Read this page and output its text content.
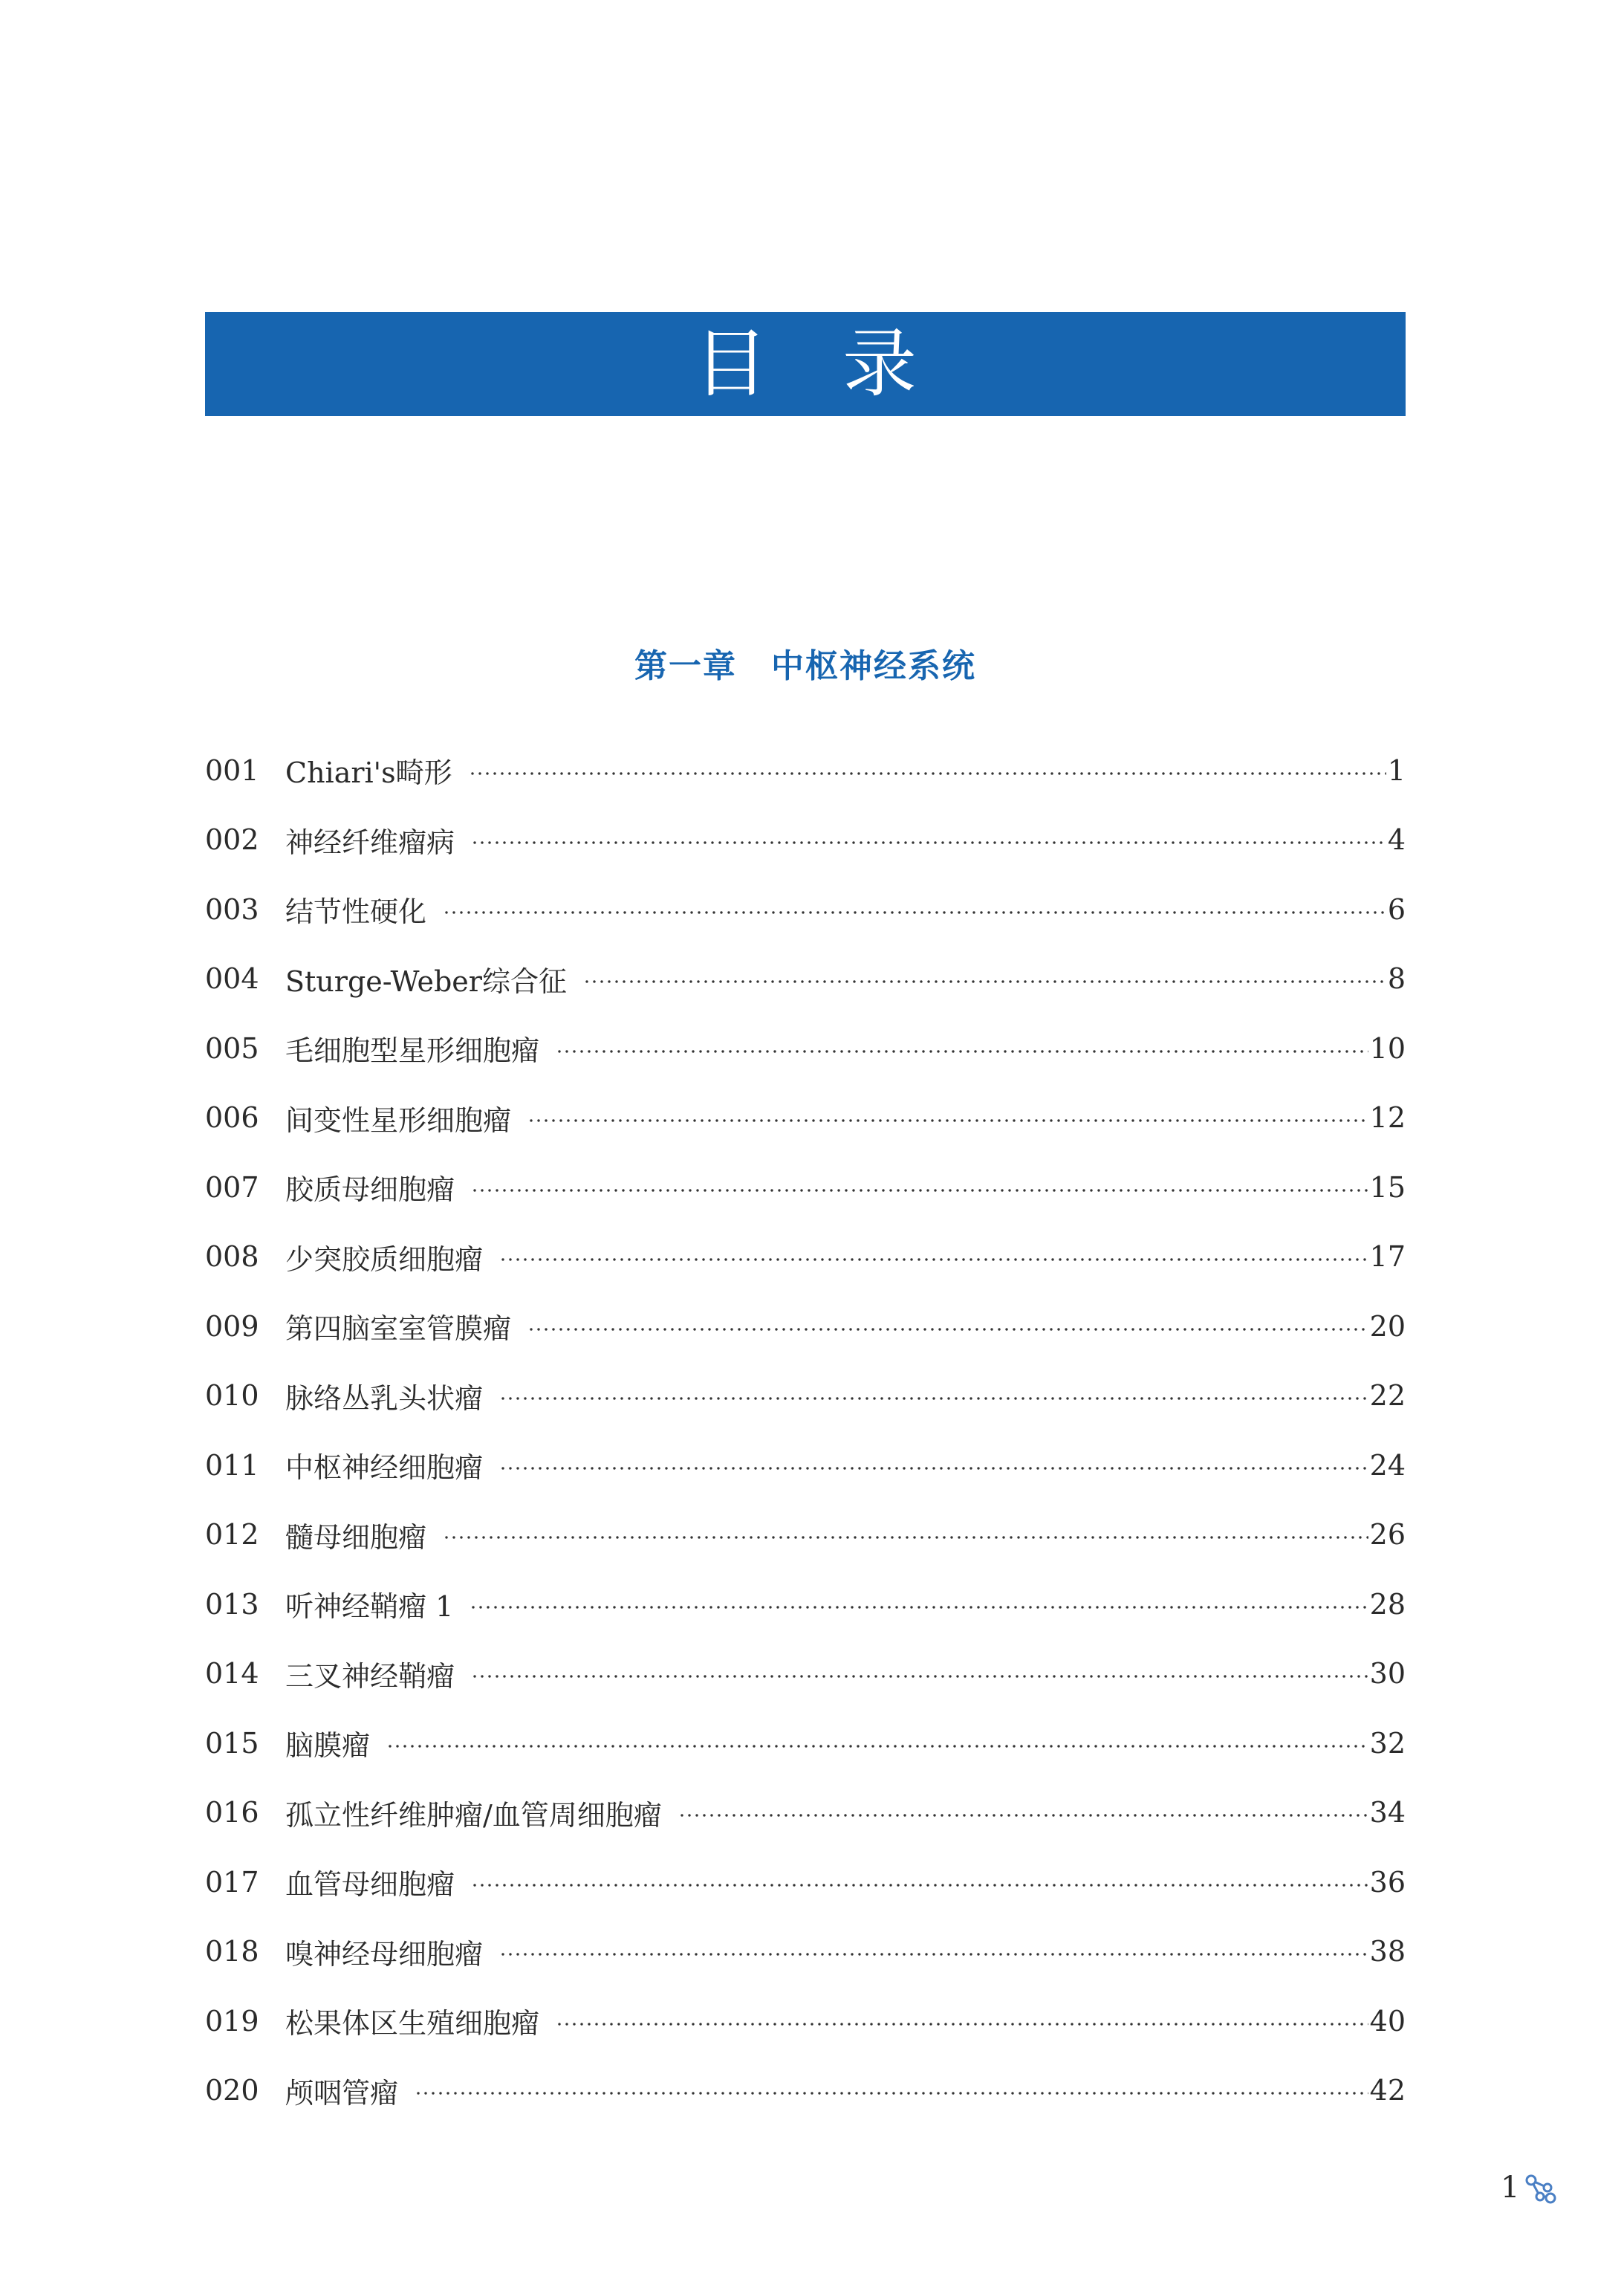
目录
第一章　中枢神经系统
001 Chiari's畸形	1
002 神经纤维瘤病	4
003 结节性硬化	6
004 Sturge-Weber综合征	8
005 毛细胞型星形细胞瘤	10
006 间变性星形细胞瘤	12
007 胶质母细胞瘤	15
008 少突胶质细胞瘤	17
009 第四脑室室管膜瘤	20
010 脉络丛乳头状瘤	22
011 中枢神经细胞瘤	24
012 髓母细胞瘤	26
013 听神经鞘瘤 1	28
014 三叉神经鞘瘤	30
015 脑膜瘤	32
016 孤立性纤维肿瘤/血管周细胞瘤	34
017 血管母细胞瘤	36
018 嗅神经母细胞瘤	38
019 松果体区生殖细胞瘤	40
020 颅咽管瘤	42
1
